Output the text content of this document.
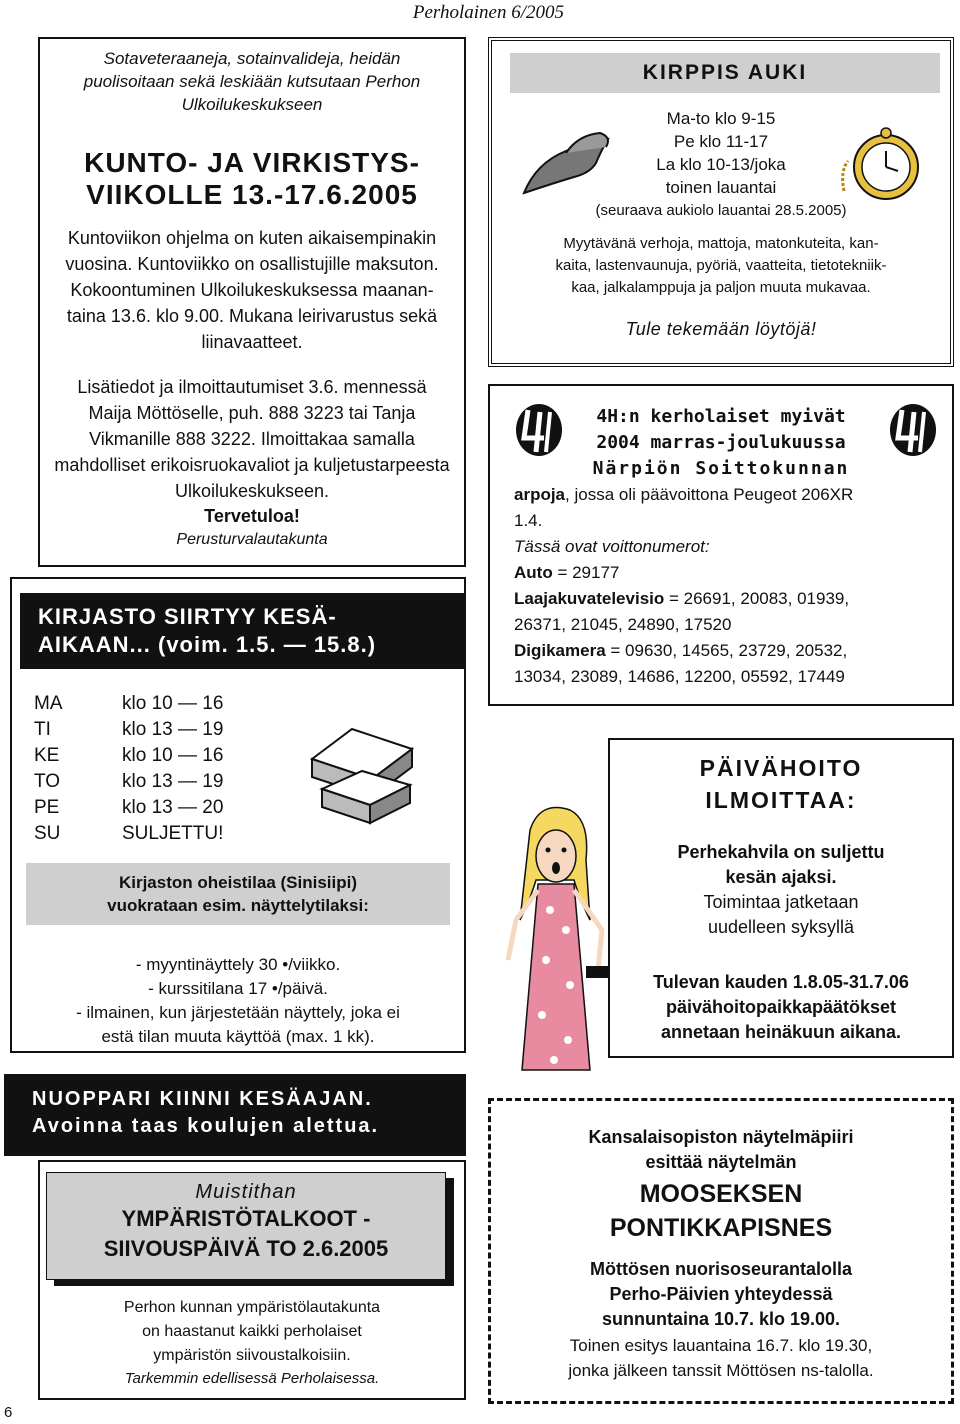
Perholainen 6/2005
6
Sotaveteraaneja, sotainvalideja, heidän
puolisoitaan sekä leskiään kutsutaan Perhon
Ulkoilukeskukseen
KUNTO- JA VIRKISTYS-
VIIKOLLE 13.-17.6.2005
Kuntoviikon ohjelma on kuten aikaisempinakin
vuosina. Kuntoviikko on osallistujille maksuton.
Kokoontuminen Ulkoilukeskuksessa maanan-
taina 13.6. klo 9.00. Mukana leirivarustus sekä
liinavaatteet.
Lisätiedot ja ilmoittautumiset 3.6. mennessä
Maija Möttöselle, puh. 888 3223 tai Tanja
Vikmanille 888 3222. Ilmoittakaa samalla
mahdolliset erikoisruokavaliot ja kuljetustarpeesta
Ulkoilukeskukseen.
Tervetuloa!
Perusturvalautakunta
KIRPPIS AUKI
Ma-to klo 9-15
Pe klo 11-17
La klo 10-13/joka
toinen lauantai
(seuraava aukiolo lauantai 28.5.2005)
Myytävänä verhoja, mattoja, matonkuteita, kan-
kaita, lastenvaunuja, pyöriä, vaatteita, tietotekniik-
kaa, jalkalamppuja ja paljon muuta mukavaa.
Tule tekemään löytöjä!
4H:n kerholaiset myivät
2004 marras-joulukuussa
Närpiön Soittokunnan
arpoja, jossa oli päävoittona Peugeot 206XR
1.4.
Tässä ovat voittonumerot:
Auto = 29177
Laajakuvatelevisio = 26691, 20083, 01939,
26371, 21045, 24890, 17520
Digikamera = 09630, 14565, 23729, 20532,
13034, 23089, 14686, 12200, 05592, 17449
KIRJASTO SIIRTYY KESÄ-
AIKAAN... (voim. 1.5. — 15.8.)
MA	klo 10 — 16
TI	klo 13 — 19
KE	klo 10 — 16
TO	klo 13 — 19
PE	klo 13 — 20
SU	SULJETTU!
Kirjaston oheistilaa (Sinisiipi)
vuokrataan esim. näyttelytilaksi:
- myyntinäyttely 30 •/viikko.
- kurssitilana 17 •/päivä.
- ilmainen, kun järjestetään näyttely, joka ei
estä tilan muuta käyttöä (max. 1 kk).
PÄIVÄHOITO
ILMOITTAA:
Perhekahvila on suljettu
kesän ajaksi.
Toimintaa jatketaan
uudelleen syksyllä
Tulevan kauden 1.8.05-31.7.06
päivähoitopaikkapäätökset
annetaan heinäkuun aikana.
NUOPPARI KIINNI KESÄAJAN.
Avoinna taas koulujen alettua.
Muistithan
YMPÄRISTÖTALKOOT -
SIIVOUSPÄIVÄ TO 2.6.2005
Perhon kunnan ympäristölautakunta
on haastanut kaikki perholaiset
ympäristön siivoustalkoisiin.
Tarkemmin edellisessä Perholaisessa.
Kansalaisopiston näytelmäpiiri
esittää näytelmän
MOOSEKSEN
PONTIKKAPISNES
Möttösen nuorisoseurantalolla
Perho-Päivien yhteydessä
sunnuntaina 10.7. klo 19.00.
Toinen esitys lauantaina 16.7. klo 19.30,
jonka jälkeen tanssit Möttösen ns-talolla.
